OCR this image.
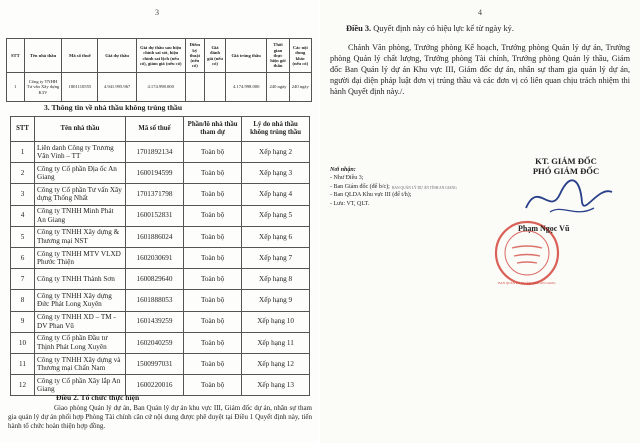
3
STT	Tên nhà thầu	Mã số thuế	Giá dự thầu	Giá dự thầu sau hiệu chỉnh sai sót, hiệu chỉnh sai lệch (nếu có), giảm giá (nếu có)	Điểm kỹ thuật (nếu có)	Giá đánh giá (nếu có)	Giá trúng thầu	Thời gian thực hiện gói thầu	Các nội dung khác (nếu có)
1	Công ty TNHH Tư vấn Xây dựng K3V	1801110555	4.941.995.967	4.174.998.000			4.174.998.000	240 ngày	240 ngày
3. Thông tin về nhà thầu không trúng thầu
STT	Tên nhà thầu	Mã số thuế	Phần/lô nhà thầu tham dự	Lý do nhà thầu không trúng thầu
1	Liên danh Công ty Trương Văn Vinh – TT	1701892134	Toàn bộ	Xếp hạng 2
2	Công ty Cổ phần Địa ốc An Giang	1600194599	Toàn bộ	Xếp hạng 3
3	Công ty Cổ phần Tư vấn Xây dựng Thống Nhất	1701371798	Toàn bộ	Xếp hạng 4
4	Công ty TNHH Minh Phát An Giang	1600152831	Toàn bộ	Xếp hạng 5
5	Công ty TNHH Xây dựng & Thương mại NST	1601886024	Toàn bộ	Xếp hạng 6
6	Công ty TNHH MTV VLXD Phước Thiện	1602030691	Toàn bộ	Xếp hạng 7
7	Công ty TNHH Thành Sơn	1600829640	Toàn bộ	Xếp hạng 8
8	Công ty TNHH Xây dựng Đức Phát Long Xuyên	1601888053	Toàn bộ	Xếp hạng 9
9	Công ty TNHH XD – TM - DV Phan Vũ	1601439259	Toàn bộ	Xếp hạng 10
10	Công ty Cổ phần Đầu tư Thịnh Phát Long Xuyên	1602040259	Toàn bộ	Xếp hạng 11
11	Công ty TNHH Xây dựng và Thương mại Chấn Nam	1500997031	Toàn bộ	Xếp hạng 12
12	Công ty Cổ phần Xây lắp An Giang	1600220016	Toàn bộ	Xếp hạng 13
Điều 2. Tổ chức thực hiện
Giao phòng Quản lý dự án, Ban Quản lý dự án khu vực III, Giám đốc dự án, nhân sự tham gia quản lý dự án phối hợp Phòng Tài chính căn cứ nội dung được phê duyệt tại Điều 1 Quyết định này, tiến hành tổ chức hoàn thiện hợp đồng.
4
Điều 3. Quyết định này có hiệu lực kể từ ngày ký.
Chánh Văn phòng, Trưởng phòng Kế hoạch, Trưởng phòng Quản lý dự án, Trưởng phòng Quản lý chất lượng, Trưởng phòng Tài chính, Trưởng phòng Quản lý thầu, Giám đốc Ban Quản lý dự án Khu vực III, Giám đốc dự án, nhân sự tham gia quản lý dự án, người đại diện pháp luật đơn vị trúng thầu và các đơn vị có liên quan chịu trách nhiệm thi hành Quyết định này./.
KT. GIÁM ĐỐC
PHÓ GIÁM ĐỐC
Nơi nhận:
- Như Điều 3;
- Ban Giám đốc (để b/c);
- Ban QLDA Khu vực III (để t/h);
- Lưu: VT, QLT.
BAN QUẢN LÝ DỰ ÁN TỈNH AN GIANG
BAN QUẢN LÝ DỰ ÁN TỈNH AN GIANG
Phạm Ngọc Vũ
